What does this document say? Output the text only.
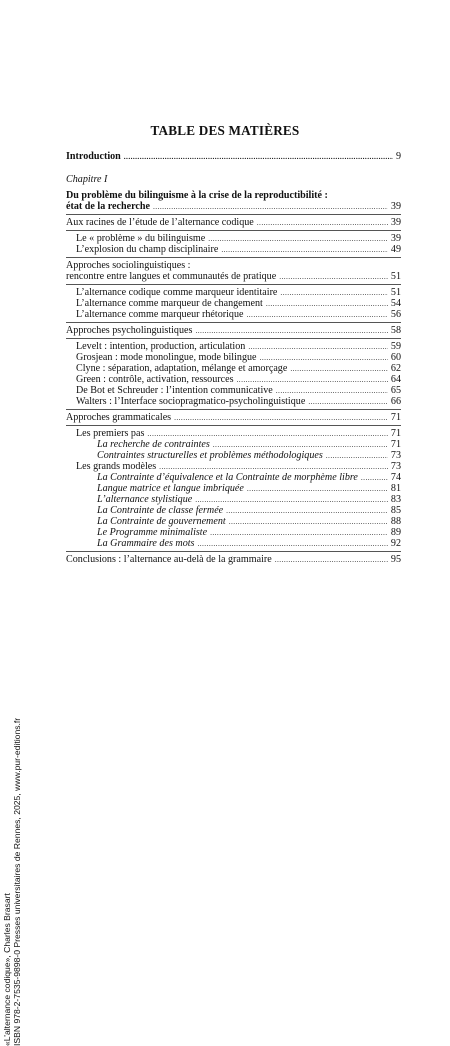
TABLE DES MATIÈRES
Introduction .....	9
Chapitre I
Du problème du bilinguisme à la crise de la reproductibilité :
état de la recherche .....	39
Aux racines de l’étude de l’alternance codique .....	39
Le « problème » du bilinguisme .....	39
L’explosion du champ disciplinaire .....	49
Approches sociolinguistiques :
rencontre entre langues et communautés de pratique .....	51
L’alternance codique comme marqueur identitaire .....	51
L’alternance comme marqueur de changement .....	54
L’alternance comme marqueur rhétorique .....	56
Approches psycholinguistiques .....	58
Levelt : intention, production, articulation .....	59
Grosjean : mode monolingue, mode bilingue .....	60
Clyne : séparation, adaptation, mélange et amorçage .....	62
Green : contrôle, activation, ressources .....	64
De Bot et Schreuder : l’intention communicative .....	65
Walters : l’Interface sociopragmatico-psycholinguistique .....	66
Approches grammaticales .....	71
Les premiers pas .....	71
La recherche de contraintes .....	71
Contraintes structurelles et problèmes méthodologiques .....	73
Les grands modèles .....	73
La Contrainte d’équivalence et la Contrainte de morphème libre .....	74
Langue matrice et langue imbriquée .....	81
L’alternance stylistique .....	83
La Contrainte de classe fermée .....	85
La Contrainte de gouvernement .....	88
Le Programme minimaliste .....	89
La Grammaire des mots .....	92
Conclusions : l’alternance au-delà de la grammaire .....	95
«L’alternance codique», Charles Brasart ISBN 978-2-7535-9898-0 Presses universitaires de Rennes, 2025, www.pur-editions.fr
